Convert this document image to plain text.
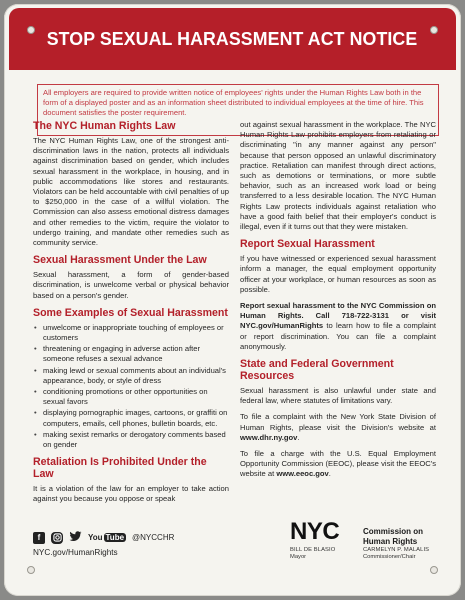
STOP SEXUAL HARASSMENT ACT NOTICE
All employers are required to provide written notice of employees' rights under the Human Rights Law both in the form of a displayed poster and as an information sheet distributed to individual employees at the time of hire. This document satisfies the poster requirement.
The NYC Human Rights Law

The NYC Human Rights Law, one of the strongest anti-discrimination laws in the nation, protects all individuals against discrimination based on gender, which includes sexual harassment in the workplace, in housing, and in public accommodations like stores and restaurants. Violators can be held accountable with civil penalties of up to $250,000 in the case of a willful violation. The Commission can also assess emotional distress damages and other remedies to the victim, require the violator to undergo training, and mandate other remedies such as community service.

Sexual Harassment Under the Law

Sexual harassment, a form of gender-based discrimination, is unwelcome verbal or physical behavior based on a person's gender.

Some Examples of Sexual Harassment
• unwelcome or inappropriate touching of employees or customers
• threatening or engaging in adverse action after someone refuses a sexual advance
• making lewd or sexual comments about an individual's appearance, body, or style of dress
• conditioning promotions or other opportunities on sexual favors
• displaying pornographic images, cartoons, or graffiti on computers, emails, cell phones, bulletin boards, etc.
• making sexist remarks or derogatory comments based on gender
Retaliation Is Prohibited Under the Law

It is a violation of the law for an employer to take action against you because you oppose or speak

out against sexual harassment in the workplace. The NYC Human Rights Law prohibits employers from retaliating or discriminating "in any manner against any person" because that person opposed an unlawful discriminatory practice. Retaliation can manifest through direct actions, such as demotions or terminations, or more subtle behavior, such as an increased work load or being transferred to a less desirable location. The NYC Human Rights Law protects individuals against retaliation who have a good faith belief that their employer's conduct is illegal, even if it turns out that they were mistaken.

Report Sexual Harassment

If you have witnessed or experienced sexual harassment inform a manager, the equal employment opportunity officer at your workplace, or human resources as soon as possible.

Report sexual harassment to the NYC Commission on Human Rights. Call 718-722-3131 or visit NYC.gov/HumanRights to learn how to file a complaint or report discrimination. You can file a complaint anonymously.

State and Federal Government Resources

Sexual harassment is also unlawful under state and federal law, where statutes of limitations vary.

To file a complaint with the New York State Division of Human Rights, please visit the Division's website at www.dhr.ny.gov.

To file a charge with the U.S. Equal Employment Opportunity Commission (EEOC), please visit the EEOC's website at www.eeoc.gov.

f	You Tube @NYCCHR
NYC.gov/HumanRights
NYC	Commission on
Human Rights
BILL DE BLASIO
Mayor
CARMELYN P. MALALIS
Commissioner/Chair
